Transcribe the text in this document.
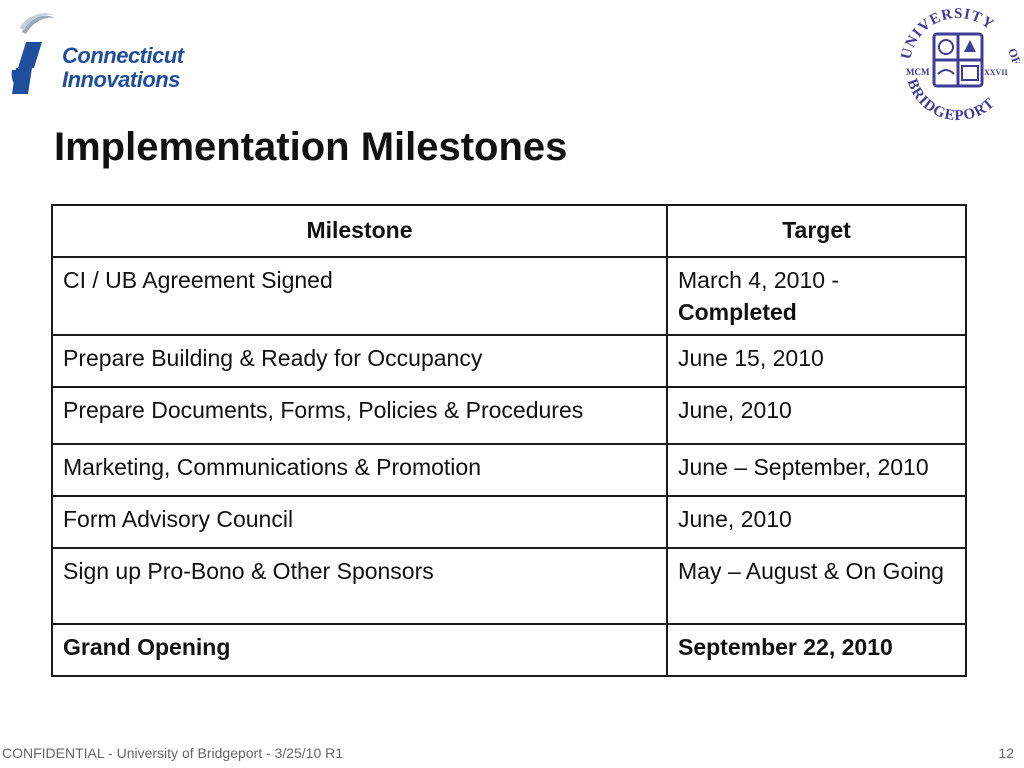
Connecticut
Innovations
UNIVERSITY
BRIDGEPORT
OF
MCM	XXVII
Implementation Milestones
Milestone	Target
CI / UB Agreement Signed	March 4, 2010 -
Completed

Prepare Building & Ready for Occupancy	June 15, 2010
Prepare Documents, Forms, Policies & Procedures	June, 2010
Marketing, Communications & Promotion	June – September, 2010
Form Advisory Council	June, 2010
Sign up Pro-Bono & Other Sponsors	May – August & On Going
Grand Opening	September 22, 2010
CONFIDENTIAL - University of Bridgeport - 3/25/10 R1	12
